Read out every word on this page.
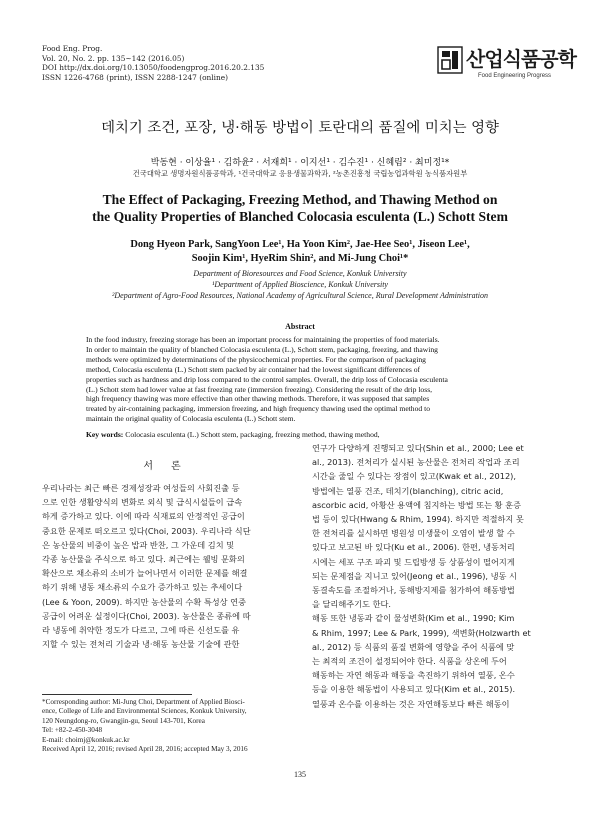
Food Eng. Prog.
Vol. 20, No. 2. pp. 135~142 (2016.05)
DOI http://dx.doi.org/10.13050/foodengprog.2016.20.2.135
ISSN 1226-4768 (print), ISSN 2288-1247 (online)
산업식품공학
Food Engineering Progress
데치기 조건, 포장, 냉·해동 방법이 토란대의 품질에 미치는 영향
박동현 · 이상율¹ · 김하윤² · 서재희¹ · 이지선¹ · 김수진¹ · 신혜림² · 최미정¹*
건국대학교 생명자원식품공학과, ¹건국대학교 응용생물과학과, ²농촌진흥청 국립농업과학원 농식품자원부
The Effect of Packaging, Freezing Method, and Thawing Method on
the Quality Properties of Blanched Colocasia esculenta (L.) Schott Stem
Dong Hyeon Park, SangYoon Lee¹, Ha Yoon Kim², Jae-Hee Seo¹, Jiseon Lee¹,
Soojin Kim¹, HyeRim Shin², and Mi-Jung Choi¹*
Department of Bioresources and Food Science, Konkuk University
¹Department of Applied Bioscience, Konkuk University
²Department of Agro-Food Resources, National Academy of Agricultural Science, Rural Development Administration
Abstract
In the food industry, freezing storage has been an important process for maintaining the properties of food materials.
In order to maintain the quality of blanched Colocasia esculenta (L.), Schott stem, packaging, freezing, and thawing
methods were optimized by determinations of the physicochemical properties. For the comparison of packaging
method, Colocasia esculenta (L.) Schott stem packed by air container had the lowest significant differences of
properties such as hardness and drip loss compared to the control samples. Overall, the drip loss of Colocasia esculenta
(L.) Schott stem had lower value at fast freezing rate (immersion freezing). Considering the result of the drip loss,
high frequency thawing was more effective than other thawing methods. Therefore, it was supposed that samples
treated by air-containing packaging, immersion freezing, and high frequency thawing used the optimal method to
maintain the original quality of Colocasia esculenta (L.) Schott stem.
Key words: Colocasia esculenta (L.) Schott stem, packaging, freezing method, thawing method,
서론
우리나라는 최근 빠른 경제성장과 여성들의 사회진출 등
으로 인한 생활양식의 변화로 외식 및 급식시설들이 급속
하게 증가하고 있다. 이에 따라 식재료의 안정적인 공급이
중요한 문제로 떠오르고 있다(Choi, 2003). 우리나라 식단
은 농산물의 비중이 높은 밥과 반찬, 그 가운데 김치 및
각종 농산물을 주식으로 하고 있다. 최근에는 웰빙 문화의
확산으로 채소류의 소비가 늘어나면서 이러한 문제를 해결
하기 위해 냉동 채소류의 수요가 증가하고 있는 추세이다
(Lee & Yoon, 2009). 하지만 농산물의 수확 특성상 연중
공급이 어려운 실정이다(Choi, 2003). 농산물은 종류에 따
라 냉동에 취약한 정도가 다르고, 그에 따른 신선도를 유
지할 수 있는 전처리 기술과 냉·해동 농산물 기술에 관한
연구가 다양하게 진행되고 있다(Shin et al., 2000; Lee et
al., 2013). 전처리가 실시된 농산물은 전처리 작업과 조리
시간을 줄일 수 있다는 장점이 있고(Kwak et al., 2012),
방법에는 열풍 건조, 데치기(blanching), citric acid,
ascorbic acid, 아황산 용액에 침지하는 방법 또는 황 훈증
법 등이 있다(Hwang & Rhim, 1994). 하지만 적절하지 못
한 전처리를 실시하면 병원성 미생물이 오염이 발생 할 수
있다고 보고된 바 있다(Ku et al., 2006). 한편, 냉동처리
시에는 세포 구조 파괴 및 드립방생 등 상품성이 떨어지게
되는 문제점을 지니고 있어(Jeong et al., 1996), 냉동 시
동결속도를 조절하거나, 동해방지제를 첨가하여 해동방법
을 달리해주기도 한다.
해동 또한 냉동과 같이 물성변화(Kim et al., 1990; Kim
& Rhim, 1997; Lee & Park, 1999), 색변화(Holzwarth et
al., 2012) 등 식품의 품질 변화에 영향을 주어 식품에 맞
는 최적의 조건이 설정되어야 한다. 식품을 상온에 두어
해동하는 자연 해동과 해동을 촉진하기 위하여 열풍, 온수
등을 이용한 해동법이 사용되고 있다(Kim et al., 2015).
열풍과 온수를 이용하는 것은 자연해동보다 빠른 해동이
*Corresponding author: Mi-Jung Choi, Department of Applied Biosci-
ence, College of Life and Environmental Sciences, Konkuk University,
120 Neungdong-ro, Gwangjin-gu, Seoul 143-701, Korea
Tel: +82-2-450-3048
E-mail: choimj@konkuk.ac.kr
Received April 12, 2016; revised April 28, 2016; accepted May 3, 2016
135
